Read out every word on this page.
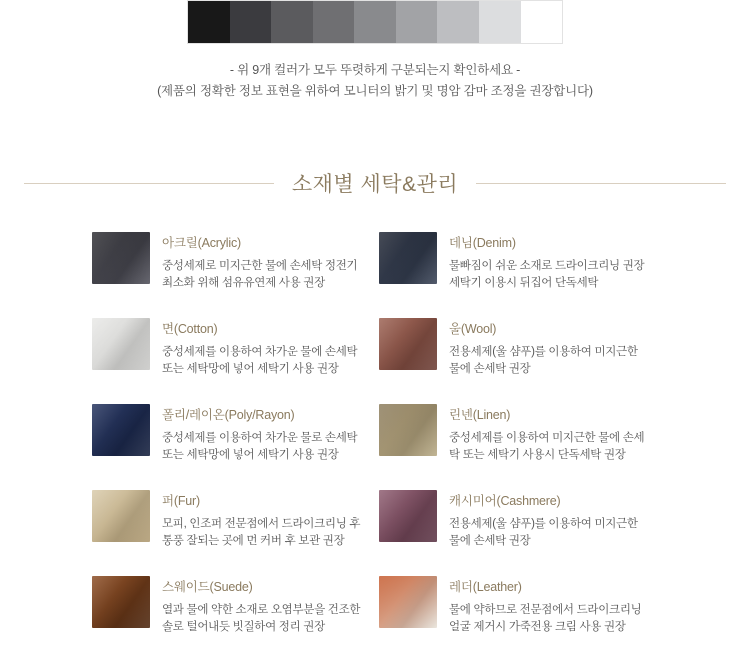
- 위 9개 컬러가 모두 뚜렷하게 구분되는지 확인하세요 -
(제품의 정확한 정보 표현을 위하여 모니터의 밝기 및 명암 감마 조정을 권장합니다)
소재별 세탁&관리
아크릴(Acrylic)
중성세제로 미지근한 물에 손세탁 정전기
최소화 위해 섬유유연제 사용 권장
데님(Denim)
물빠짐이 쉬운 소재로 드라이크리닝 권장
세탁기 이용시 뒤집어 단독세탁
면(Cotton)
중성세제를 이용하여 차가운 물에 손세탁
또는 세탁망에 넣어 세탁기 사용 권장
울(Wool)
전용세제(울 샴푸)를 이용하여 미지근한
물에 손세탁 권장
폴리/레이온(Poly/Rayon)
중성세제를 이용하여 차가운 물로 손세탁
또는 세탁망에 넣어 세탁기 사용 권장
린넨(Linen)
중성세제를 이용하여 미지근한 물에 손세
탁 또는 세탁기 사용시 단독세탁 권장
퍼(Fur)
모피, 인조퍼 전문점에서 드라이크리닝 후
통풍 잘되는 곳에 먼 커버 후 보관 권장
캐시미어(Cashmere)
전용세제(울 샴푸)를 이용하여 미지근한
물에 손세탁 권장
스웨이드(Suede)
열과 물에 약한 소재로 오염부분을 건조한
솔로 털어내듯 빗질하여 정리 권장
레더(Leather)
물에 약하므로 전문점에서 드라이크리닝
얼굴 제거시 가죽전용 크림 사용 권장
